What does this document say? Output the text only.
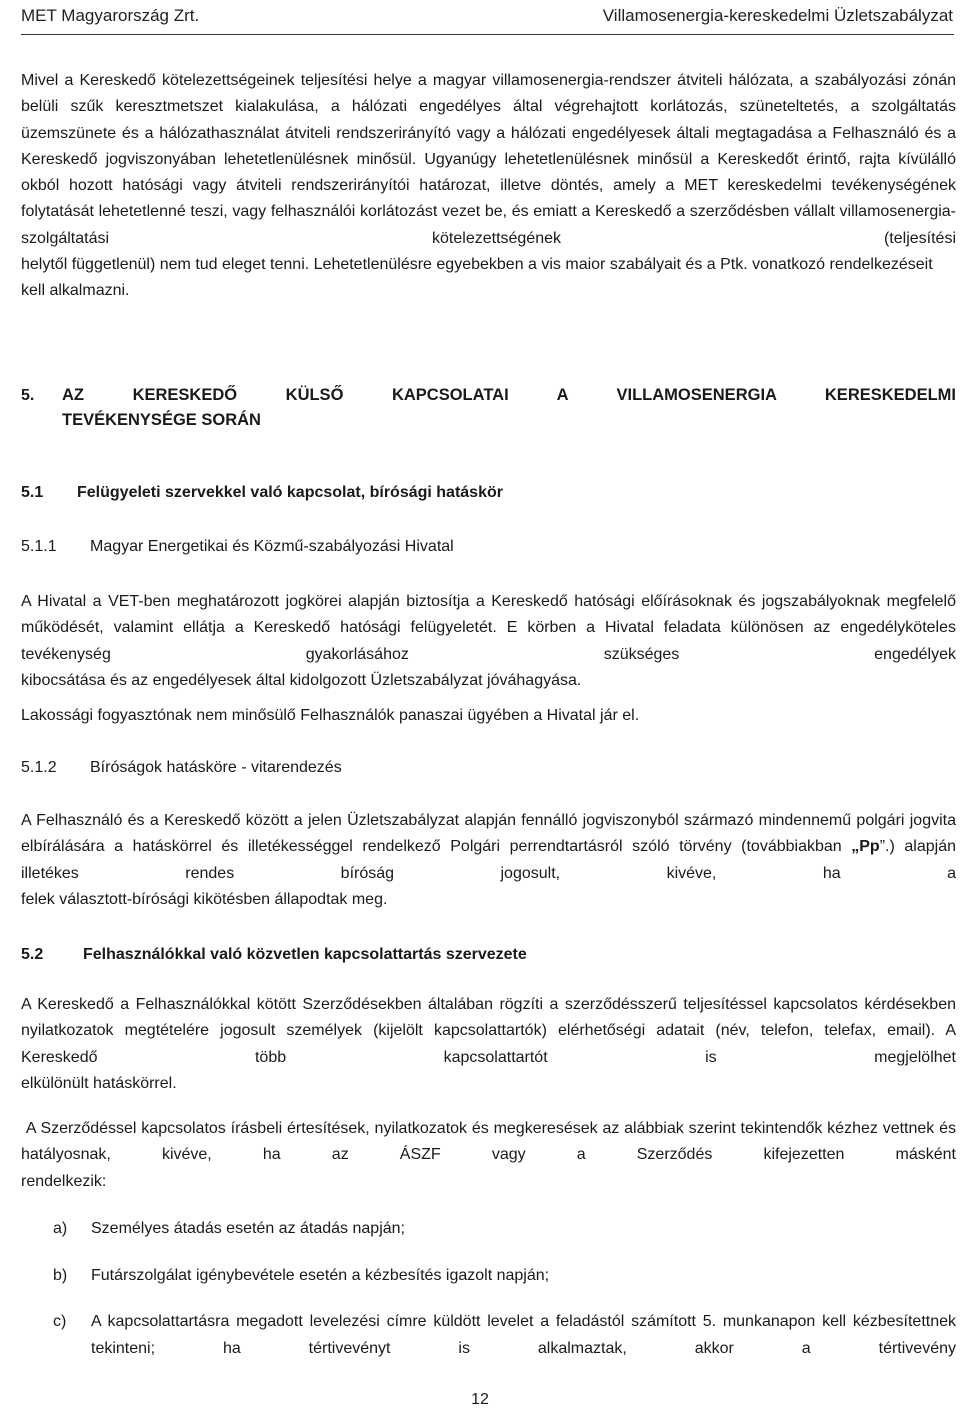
MET Magyarország Zrt.	Villamosenergia-kereskedelmi Üzletszabályzat
Mivel a Kereskedő kötelezettségeinek teljesítési helye a magyar villamosenergia-rendszer átviteli hálózata, a szabályozási zónán belüli szűk keresztmetszet kialakulása, a hálózati engedélyes által végrehajtott korlátozás, szüneteltetés, a szolgáltatás üzemszünete és a hálózathasználat átviteli rendszerirányító vagy a hálózati engedélyesek általi megtagadása a Felhasználó és a Kereskedő jogviszonyában lehetetlenülésnek minősül. Ugyanúgy lehetetlenülésnek minősül a Kereskedőt érintő, rajta kívülálló okból hozott hatósági vagy átviteli rendszerirányítói határozat, illetve döntés, amely a MET kereskedelmi tevékenységének folytatását lehetetlenné teszi, vagy felhasználói korlátozást vezet be, és emiatt a Kereskedő a szerződésben vállalt villamosenergia-szolgáltatási kötelezettségének (teljesítési
helytől függetlenül) nem tud eleget tenni. Lehetetlenülésre egyebekben a vis maior szabályait és a Ptk. vonatkozó rendelkezéseit kell alkalmazni.
5. AZ KERESKEDŐ KÜLSŐ KAPCSOLATAI A VILLAMOSENERGIA KERESKEDELMI
TEVÉKENYSÉGE SORÁN
5.1 Felügyeleti szervekkel való kapcsolat, bírósági hatáskör
5.1.1 Magyar Energetikai és Közmű-szabályozási Hivatal
A Hivatal a VET-ben meghatározott jogkörei alapján biztosítja a Kereskedő hatósági előírásoknak és jogszabályoknak megfelelő működését, valamint ellátja a Kereskedő hatósági felügyeletét. E körben a Hivatal feladata különösen az engedélyköteles tevékenység gyakorlásához szükséges engedélyek
kibocsátása és az engedélyesek által kidolgozott Üzletszabályzat jóváhagyása.
Lakossági fogyasztónak nem minősülő Felhasználók panaszai ügyében a Hivatal jár el.
5.1.2 Bíróságok hatásköre - vitarendezés
A Felhasználó és a Kereskedő között a jelen Üzletszabályzat alapján fennálló jogviszonyból származó mindennemű polgári jogvita elbírálására a hatáskörrel és illetékességgel rendelkező Polgári perrendtartásról szóló törvény (továbbiakban „Pp”.) alapján illetékes rendes bíróság jogosult, kivéve, ha a
felek választott-bírósági kikötésben állapodtak meg.
5.2 Felhasználókkal való közvetlen kapcsolattartás szervezete
A Kereskedő a Felhasználókkal kötött Szerződésekben általában rögzíti a szerződésszerű teljesítéssel kapcsolatos kérdésekben nyilatkozatok megtételére jogosult személyek (kijelölt kapcsolattartók) elérhetőségi adatait (név, telefon, telefax, email). A Kereskedő több kapcsolattartót is megjelölhet
elkülönült hatáskörrel.
A Szerződéssel kapcsolatos írásbeli értesítések, nyilatkozatok és megkeresések az alábbiak szerint tekintendők kézhez vettnek és hatályosnak, kivéve, ha az ÁSZF vagy a Szerződés kifejezetten másként
rendelkezik:
a) Személyes átadás esetén az átadás napján;
b) Futárszolgálat igénybevétele esetén a kézbesítés igazolt napján;
c) A kapcsolattartásra megadott levelezési címre küldött levelet a feladástól számított 5. munkanapon kell kézbesítettnek tekinteni; ha tértivevényt is alkalmaztak, akkor a tértivevény
12
